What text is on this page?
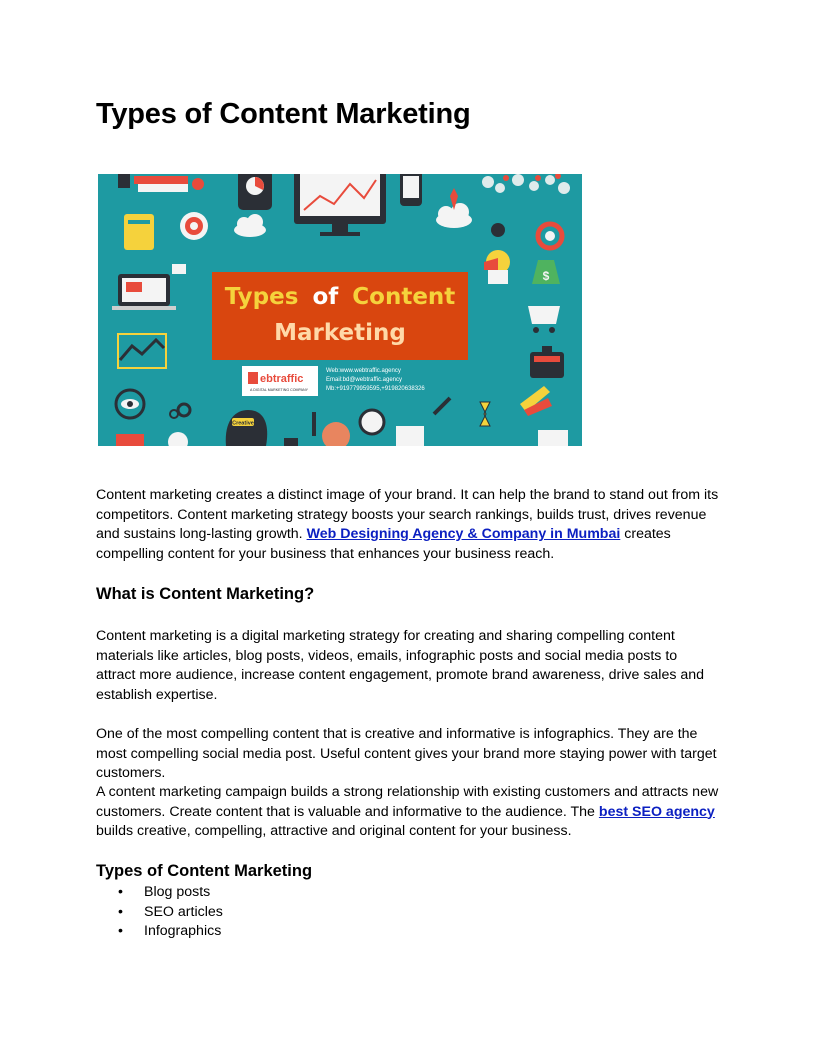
Types of Content Marketing
$
Creative
Types of Content
Marketing
ebtraffic
A DIGITAL MARKETING COMPANY
Web:www.webtraffic.agency
Email:bd@webtraffic.agency
Mb:+919779959595,+919820638326

Content marketing creates a distinct image of your brand. It can help the brand to stand out from its competitors. Content marketing strategy boosts your search rankings, builds trust, drives revenue and sustains long-lasting growth. Web Designing Agency & Company in Mumbai creates compelling content for your business that enhances your business reach.

What is Content Marketing?

Content marketing is a digital marketing strategy for creating and sharing compelling content materials like articles, blog posts, videos, emails, infographic posts and social media posts to attract more audience, increase content engagement, promote brand awareness, drive sales and establish expertise.

One of the most compelling content that is creative and informative is infographics. They are the most compelling social media post. Useful content gives your brand more staying power with target customers.

A content marketing campaign builds a strong relationship with existing customers and attracts new customers. Create content that is valuable and informative to the audience. The best SEO agency builds creative, compelling, attractive and original content for your business.

Types of Content Marketing
• Blog posts
• SEO articles
• Infographics
